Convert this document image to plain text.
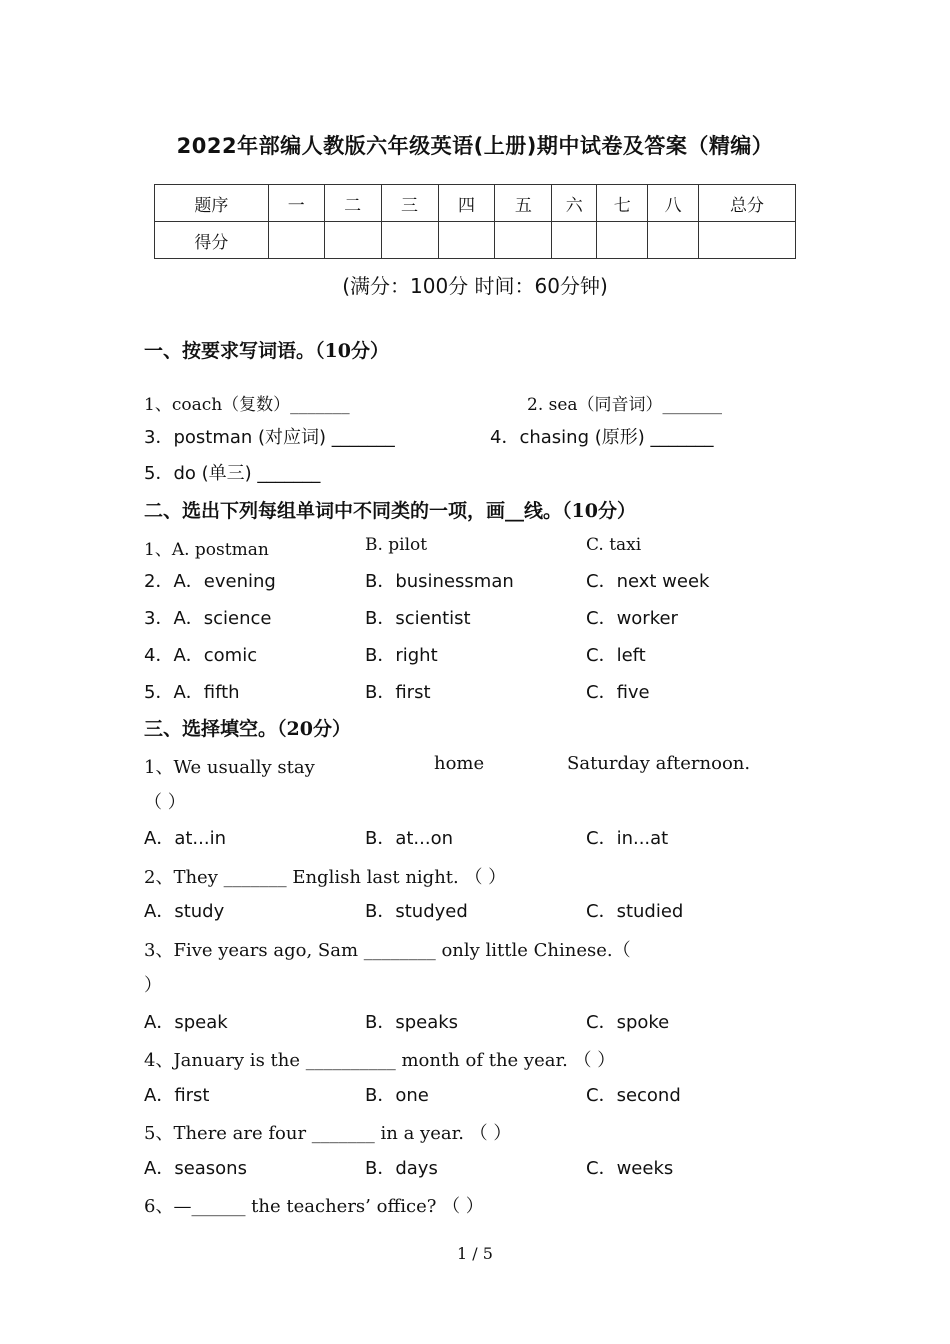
2022年部编人教版六年级英语(上册)期中试卷及答案（精编）
题序	一	二	三	四	五	六	七	八	总分
得分									
(满分：100分 时间：60分钟)
一、按要求写词语。（10分）
1、coach（复数）_______	2. sea（同音词）_______
3．postman (对应词) _______	4．chasing (原形) _______
5．do (单三) _______
二、选出下列每组单词中不同类的一项，画__线。（10分）
1、A. postman	B. pilot	C. taxi
2．A．evening	B．businessman	C．next week
3．A．science	B．scientist	C．worker
4．A．comic	B．right	C．left
5．A．fifth	B．first	C．five
三、选择填空。（20分）
1、We usually stay	home	Saturday afternoon.
（ ）
A．at...in	B．at...on	C．in...at
2、They _______ English last night. （ ）
A．study	B．studyed	C．studied
3、Five years ago, Sam ________ only little Chinese.（
）
A．speak	B．speaks	C．spoke
4、January is the __________ month of the year. （ ）
A．first	B．one	C．second
5、There are four _______ in a year. （ ）
A．seasons	B．days	C．weeks
6、—______ the teachers’ office? （ ）
1 / 5
